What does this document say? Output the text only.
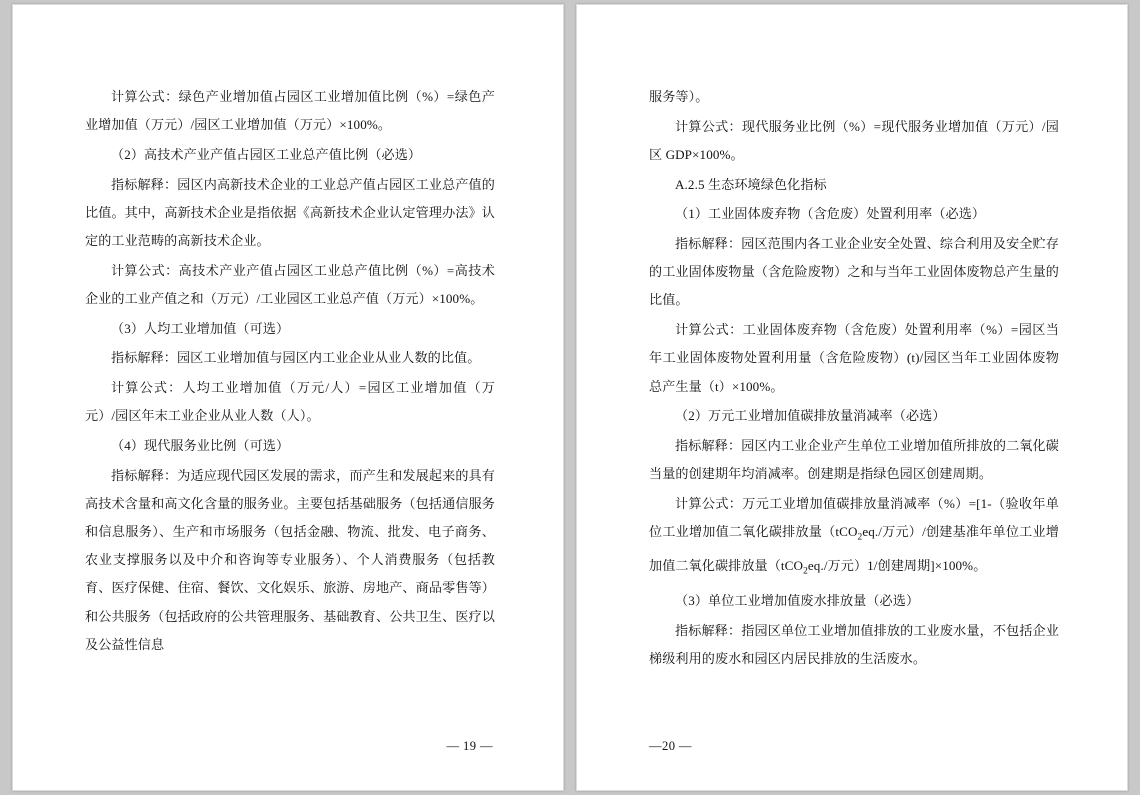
计算公式：绿色产业增加值占园区工业增加值比例（%）=绿色产业增加值（万元）/园区工业增加值（万元）×100%。

（2）高技术产业产值占园区工业总产值比例（必选）

指标解释：园区内高新技术企业的工业总产值占园区工业总产值的比值。其中，高新技术企业是指依据《高新技术企业认定管理办法》认定的工业范畴的高新技术企业。

计算公式：高技术产业产值占园区工业总产值比例（%）=高技术企业的工业产值之和（万元）/工业园区工业总产值（万元）×100%。

（3）人均工业增加值（可选）

指标解释：园区工业增加值与园区内工业企业从业人数的比值。

计算公式：人均工业增加值（万元/人）=园区工业增加值（万元）/园区年末工业企业从业人数（人）。

（4）现代服务业比例（可选）

指标解释：为适应现代园区发展的需求，而产生和发展起来的具有高技术含量和高文化含量的服务业。主要包括基础服务（包括通信服务和信息服务）、生产和市场服务（包括金融、物流、批发、电子商务、农业支撑服务以及中介和咨询等专业服务）、个人消费服务（包括教育、医疗保健、住宿、餐饮、文化娱乐、旅游、房地产、商品零售等）和公共服务（包括政府的公共管理服务、基础教育、公共卫生、医疗以及公益性信息

— 19 —

服务等）。

计算公式：现代服务业比例（%）=现代服务业增加值（万元）/园区 GDP×100%。

A.2.5 生态环境绿色化指标

（1）工业固体废弃物（含危废）处置利用率（必选）

指标解释：园区范围内各工业企业安全处置、综合利用及安全贮存的工业固体废物量（含危险废物）之和与当年工业固体废物总产生量的比值。

计算公式：工业固体废弃物（含危废）处置利用率（%）=园区当年工业固体废物处置利用量（含危险废物）(t)/园区当年工业固体废物总产生量（t）×100%。

（2）万元工业增加值碳排放量消减率（必选）

指标解释：园区内工业企业产生单位工业增加值所排放的二氧化碳当量的创建期年均消减率。创建期是指绿色园区创建周期。

计算公式：万元工业增加值碳排放量消减率（%）=[1-（验收年单位工业增加值二氧化碳排放量（tCO$_2$eq./万元）/创建基准年单位工业增加值二氧化碳排放量（tCO$_2$eq./万元）1/创建周期]×100%。

（3）单位工业增加值废水排放量（必选）

指标解释：指园区单位工业增加值排放的工业废水量，不包括企业梯级利用的废水和园区内居民排放的生活废水。

—20 —
